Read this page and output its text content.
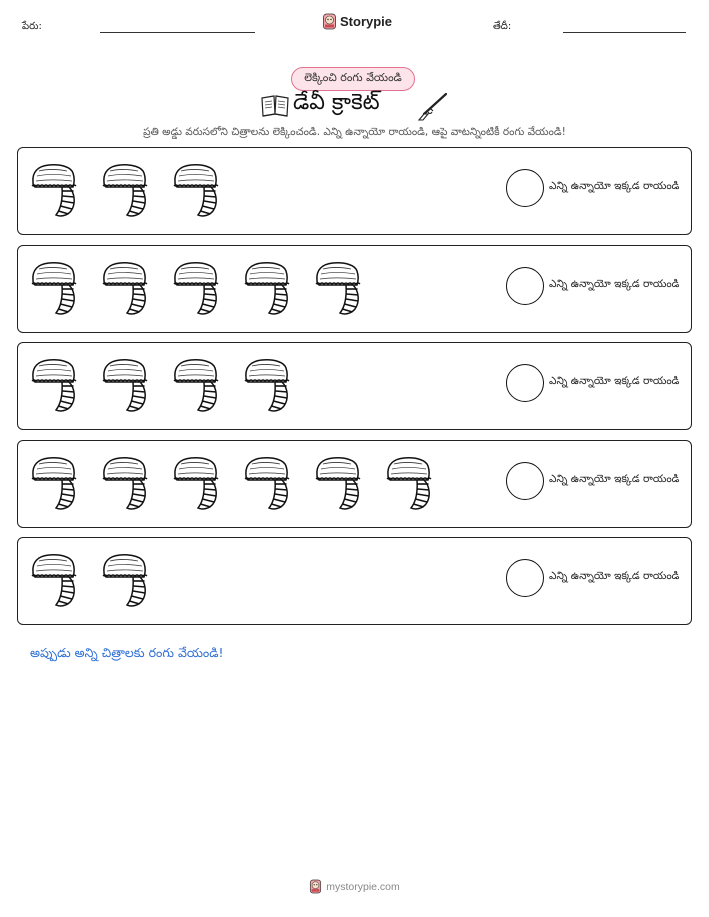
పేరు:	Storypie	తేదీ:
లెక్కించి రంగు వేయండి
డేవీ క్రాకెట్
ప్రతి అడ్డు వరుసలోని చిత్రాలను లెక్కించండి. ఎన్ని ఉన్నాయో రాయండి, ఆపై వాటన్నింటికీ రంగు వేయండి!
ఎన్ని ఉన్నాయో ఇక్కడ రాయండి
ఎన్ని ఉన్నాయో ఇక్కడ రాయండి
ఎన్ని ఉన్నాయో ఇక్కడ రాయండి
ఎన్ని ఉన్నాయో ఇక్కడ రాయండి
ఎన్ని ఉన్నాయో ఇక్కడ రాయండి
అప్పుడు అన్ని చిత్రాలకు రంగు వేయండి!
mystorypie.com
